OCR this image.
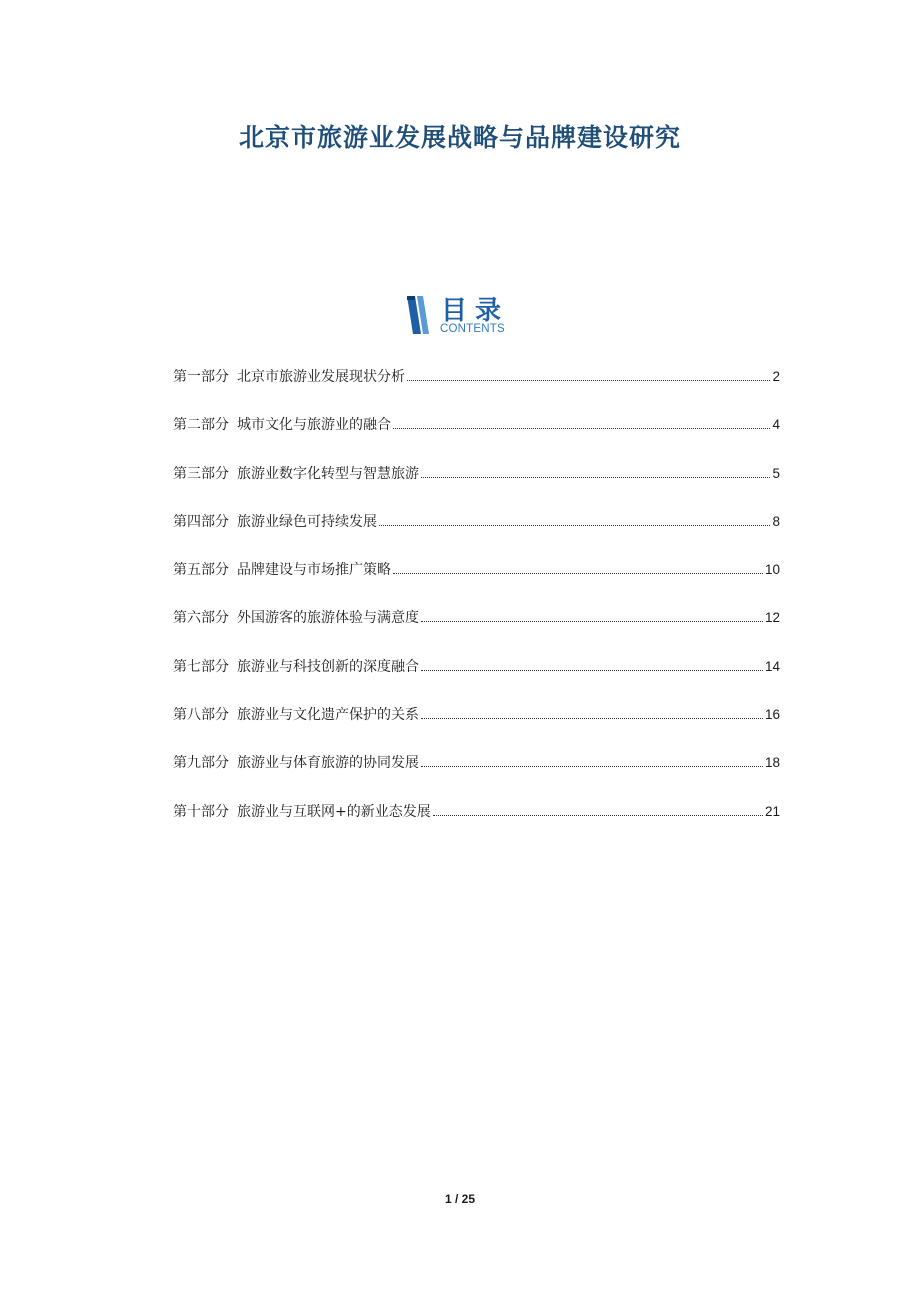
北京市旅游业发展战略与品牌建设研究
目录
CONTENTS
第一部分 北京市旅游业发展现状分析	2
第二部分 城市文化与旅游业的融合	4
第三部分 旅游业数字化转型与智慧旅游	5
第四部分 旅游业绿色可持续发展	8
第五部分 品牌建设与市场推广策略	10
第六部分 外国游客的旅游体验与满意度	12
第七部分 旅游业与科技创新的深度融合	14
第八部分 旅游业与文化遗产保护的关系	16
第九部分 旅游业与体育旅游的协同发展	18
第十部分 旅游业与互联网+的新业态发展	21
1 / 25
